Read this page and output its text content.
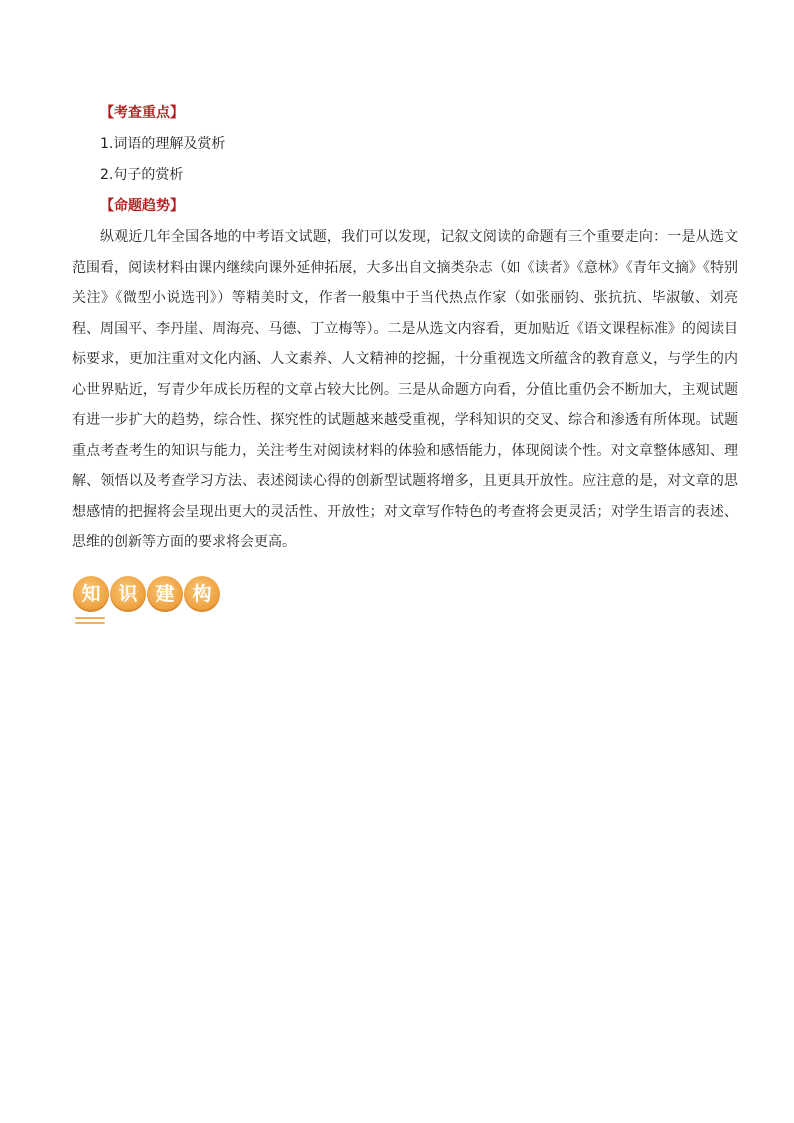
【考查重点】
1.词语的理解及赏析
2.句子的赏析
【命题趋势】

纵观近几年全国各地的中考语文试题，我们可以发现，记叙文阅读的命题有三个重要走向：一是从选文范围看，阅读材料由课内继续向课外延伸拓展，大多出自文摘类杂志（如《读者》《意林》《青年文摘》《特别关注》《微型小说选刊》）等精美时文，作者一般集中于当代热点作家（如张丽钧、张抗抗、毕淑敏、刘亮程、周国平、李丹崖、周海亮、马德、丁立梅等）。二是从选文内容看，更加贴近《语文课程标准》的阅读目标要求，更加注重对文化内涵、人文素养、人文精神的挖掘，十分重视选文所蕴含的教育意义，与学生的内心世界贴近，写青少年成长历程的文章占较大比例。三是从命题方向看，分值比重仍会不断加大，主观试题有进一步扩大的趋势，综合性、探究性的试题越来越受重视，学科知识的交叉、综合和渗透有所体现。试题重点考查考生的知识与能力，关注考生对阅读材料的体验和感悟能力，体现阅读个性。对文章整体感知、理解、领悟以及考查学习方法、表述阅读心得的创新型试题将增多，且更具开放性。应注意的是，对文章的思想感情的把握将会呈现出更大的灵活性、开放性；对文章写作特色的考查将会更灵活；对学生语言的表述、思维的创新等方面的要求将会更高。

知 识 建 构
